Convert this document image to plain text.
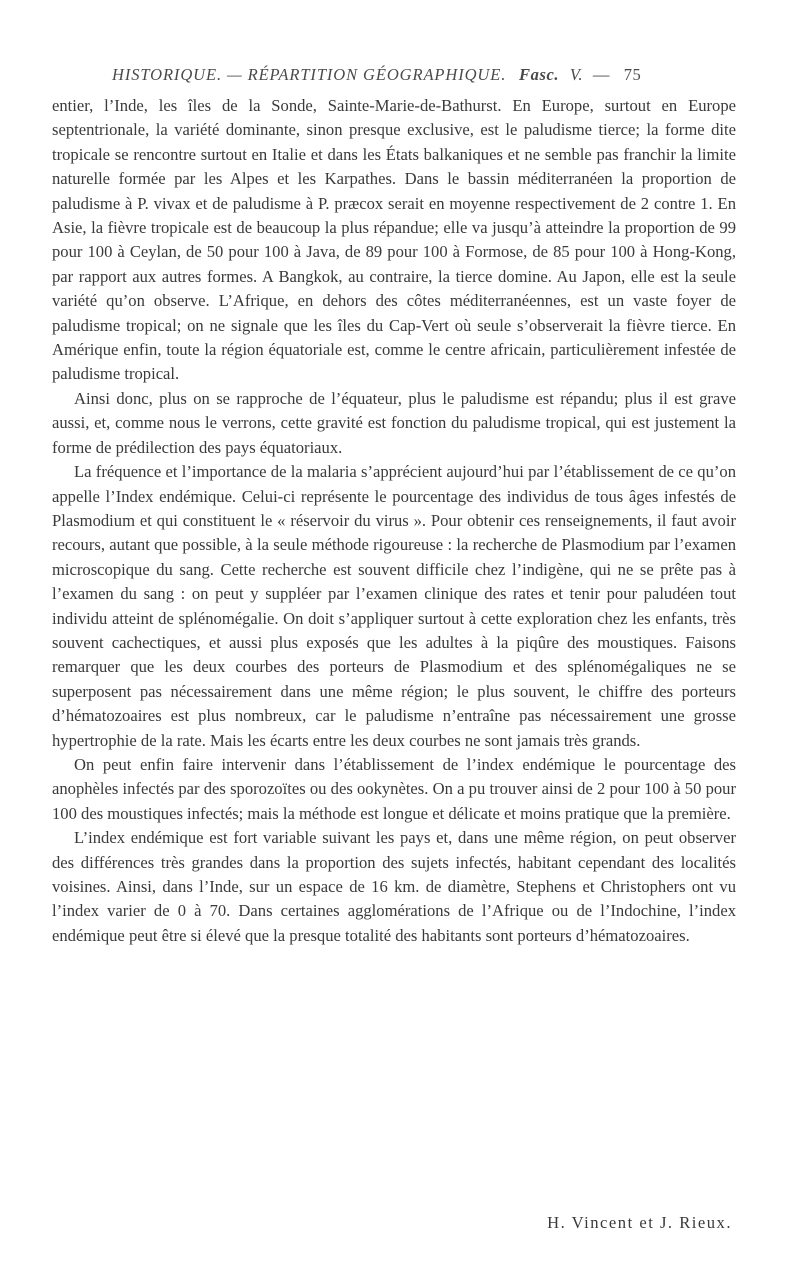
HISTORIQUE. — RÉPARTITION GÉOGRAPHIQUE. Fasc. V. — 75

entier, l’Inde, les îles de la Sonde, Sainte-Marie-de-Bathurst. En Europe, surtout en Europe septentrionale, la variété dominante, sinon presque exclusive, est le paludisme tierce; la forme dite tropicale se rencontre surtout en Italie et dans les États balkaniques et ne semble pas franchir la limite naturelle formée par les Alpes et les Karpathes. Dans le bassin méditerranéen la proportion de paludisme à P. vivax et de paludisme à P. præcox serait en moyenne respectivement de 2 contre 1. En Asie, la fièvre tropicale est de beaucoup la plus répandue; elle va jusqu’à atteindre la proportion de 99 pour 100 à Ceylan, de 50 pour 100 à Java, de 89 pour 100 à Formose, de 85 pour 100 à Hong-Kong, par rapport aux autres formes. A Bangkok, au contraire, la tierce domine. Au Japon, elle est la seule variété qu’on observe. L’Afrique, en dehors des côtes méditerranéennes, est un vaste foyer de paludisme tropical; on ne signale que les îles du Cap-Vert où seule s’observerait la fièvre tierce. En Amérique enfin, toute la région équatoriale est, comme le centre africain, particulièrement infestée de paludisme tropical.

Ainsi donc, plus on se rapproche de l’équateur, plus le paludisme est répandu; plus il est grave aussi, et, comme nous le verrons, cette gravité est fonction du paludisme tropical, qui est justement la forme de prédilection des pays équatoriaux.

La fréquence et l’importance de la malaria s’apprécient aujourd’hui par l’établissement de ce qu’on appelle l’Index endémique. Celui-ci représente le pourcentage des individus de tous âges infestés de Plasmodium et qui constituent le « réservoir du virus ». Pour obtenir ces renseignements, il faut avoir recours, autant que possible, à la seule méthode rigoureuse : la recherche de Plasmodium par l’examen microscopique du sang. Cette recherche est souvent difficile chez l’indigène, qui ne se prête pas à l’examen du sang : on peut y suppléer par l’examen clinique des rates et tenir pour paludéen tout individu atteint de splénomégalie. On doit s’appliquer surtout à cette exploration chez les enfants, très souvent cachectiques, et aussi plus exposés que les adultes à la piqûre des moustiques. Faisons remarquer que les deux courbes des porteurs de Plasmodium et des splénomégaliques ne se superposent pas nécessairement dans une même région; le plus souvent, le chiffre des porteurs d’hématozoaires est plus nombreux, car le paludisme n’entraîne pas nécessairement une grosse hypertrophie de la rate. Mais les écarts entre les deux courbes ne sont jamais très grands.

On peut enfin faire intervenir dans l’établissement de l’index endémique le pourcentage des anophèles infectés par des sporozoïtes ou des ookynètes. On a pu trouver ainsi de 2 pour 100 à 50 pour 100 des moustiques infectés; mais la méthode est longue et délicate et moins pratique que la première.

L’index endémique est fort variable suivant les pays et, dans une même région, on peut observer des différences très grandes dans la proportion des sujets infectés, habitant cependant des localités voisines. Ainsi, dans l’Inde, sur un espace de 16 km. de diamètre, Stephens et Christophers ont vu l’index varier de 0 à 70. Dans certaines agglomérations de l’Afrique ou de l’Indochine, l’index endémique peut être si élevé que la presque totalité des habitants sont porteurs d’hématozoaires.

H. Vincent et J. Rieux.
